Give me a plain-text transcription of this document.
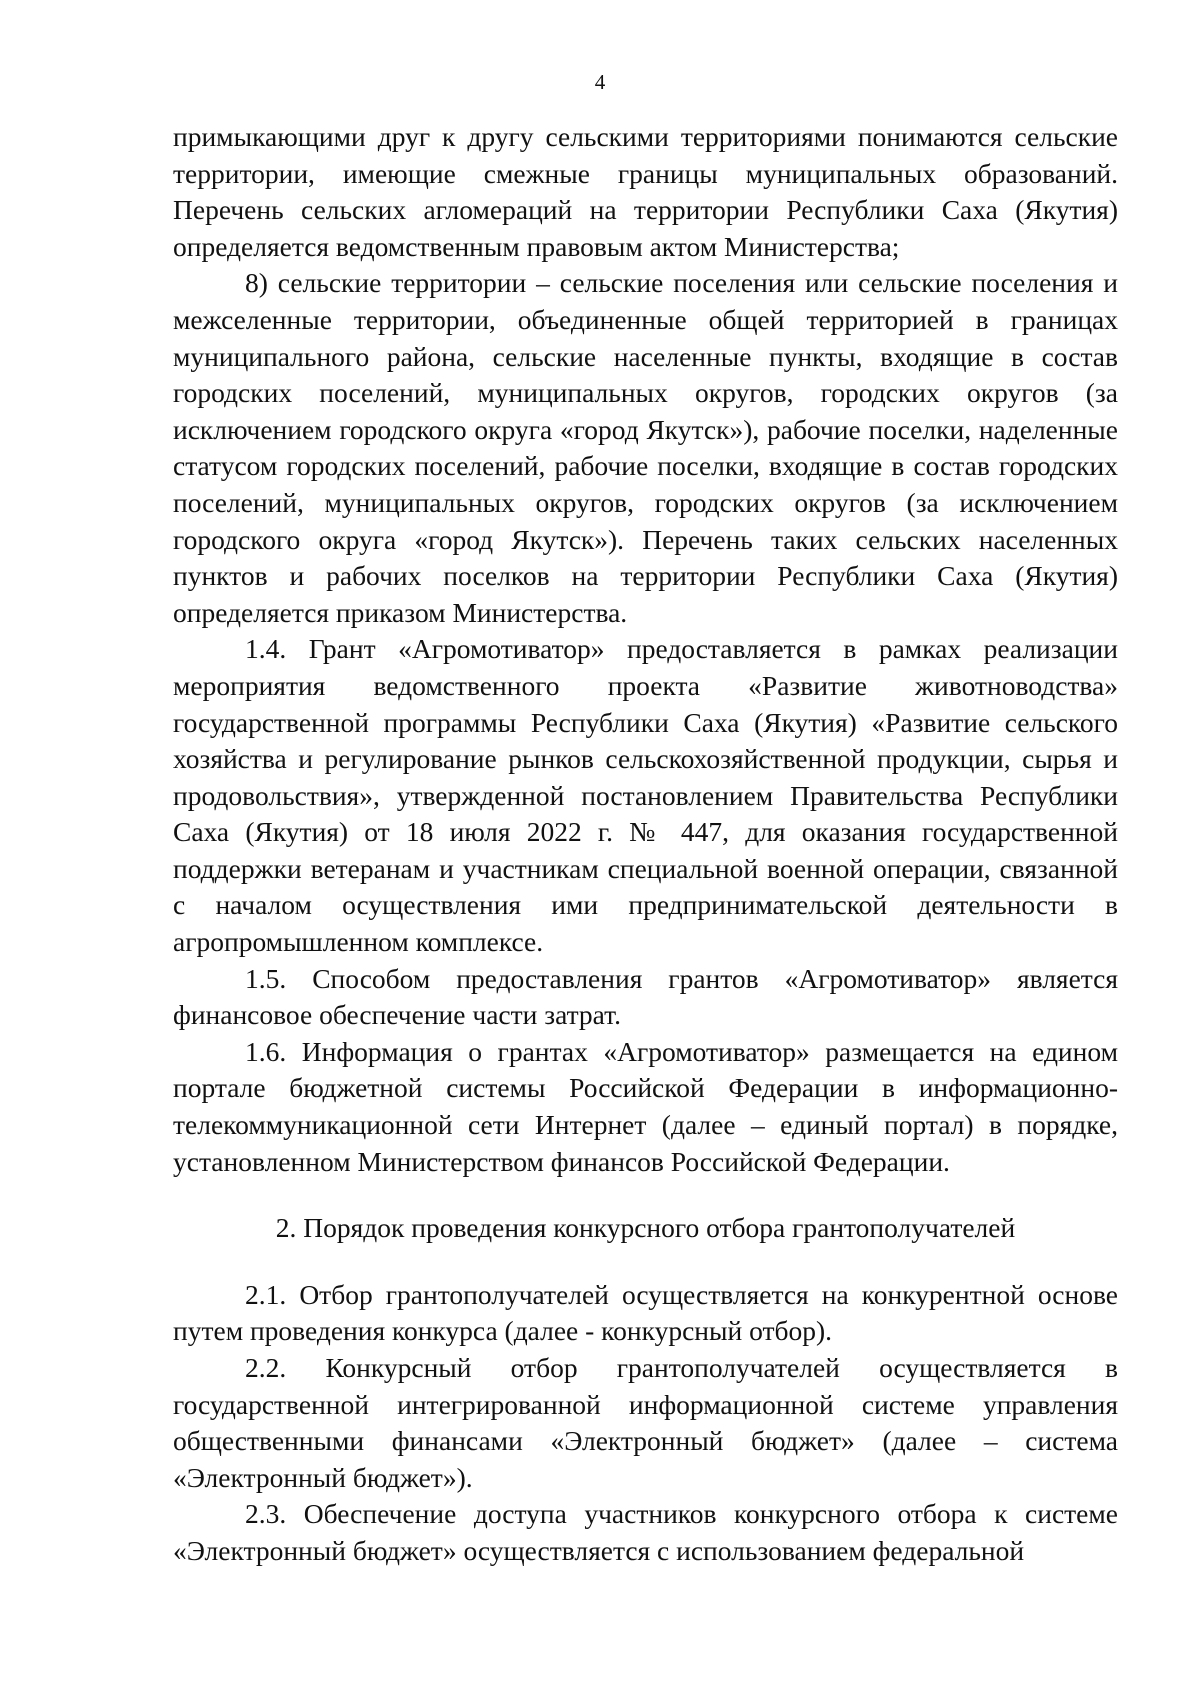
4

примыкающими друг к другу сельскими территориями понимаются сельские территории, имеющие смежные границы муниципальных образований. Перечень сельских агломераций на территории Республики Саха (Якутия) определяется ведомственным правовым актом Министерства;

8) сельские территории – сельские поселения или сельские поселения и межселенные территории, объединенные общей территорией в границах муниципального района, сельские населенные пункты, входящие в состав городских поселений, муниципальных округов, городских округов (за исключением городского округа «город Якутск»), рабочие поселки, наделенные статусом городских поселений, рабочие поселки, входящие в состав городских поселений, муниципальных округов, городских округов (за исключением городского округа «город Якутск»). Перечень таких сельских населенных пунктов и рабочих поселков на территории Республики Саха (Якутия) определяется приказом Министерства.

1.4. Грант «Агромотиватор» предоставляется в рамках реализации мероприятия ведомственного проекта «Развитие животноводства» государственной программы Республики Саха (Якутия) «Развитие сельского хозяйства и регулирование рынков сельскохозяйственной продукции, сырья и продовольствия», утвержденной постановлением Правительства Республики Саха (Якутия) от 18 июля 2022 г. № 447, для оказания государственной поддержки ветеранам и участникам специальной военной операции, связанной с началом осуществления ими предпринимательской деятельности в агропромышленном комплексе.

1.5. Способом предоставления грантов «Агромотиватор» является финансовое обеспечение части затрат.

1.6. Информация о грантах «Агромотиватор» размещается на едином портале бюджетной системы Российской Федерации в информационно-телекоммуникационной сети Интернет (далее – единый портал) в порядке, установленном Министерством финансов Российской Федерации.

2. Порядок проведения конкурсного отбора грантополучателей

2.1. Отбор грантополучателей осуществляется на конкурентной основе путем проведения конкурса (далее - конкурсный отбор).

2.2. Конкурсный отбор грантополучателей осуществляется в государственной интегрированной информационной системе управления общественными финансами «Электронный бюджет» (далее – система «Электронный бюджет»).

2.3. Обеспечение доступа участников конкурсного отбора к системе «Электронный бюджет» осуществляется с использованием федеральной
